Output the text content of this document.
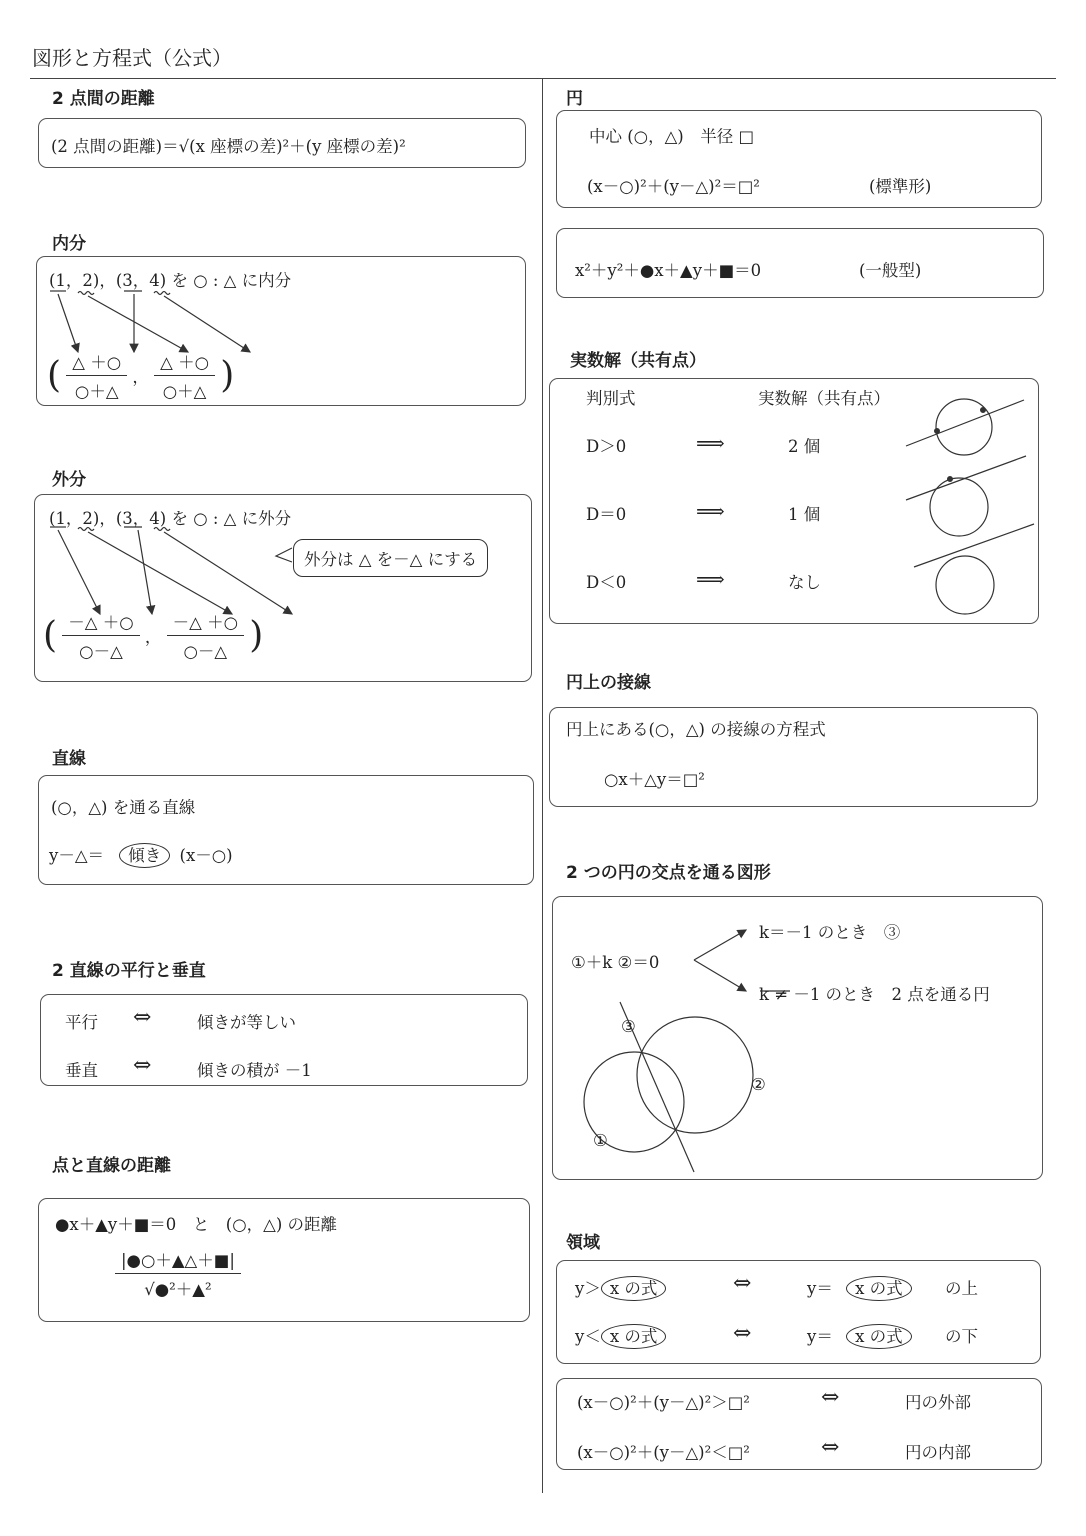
図形と方程式（公式）
2 点間の距離
(2 点間の距離)＝√(x 座標の差)²＋(y 座標の差)²
内分
(1，2)，(3，4) を ○ : △ に内分
( $\frac{\triangle +○}{○+\triangle}$ ， $\frac{\triangle +○}{○+\triangle}$ )
外分
(1，2)，(3，4) を ○ : △ に外分
外分は △ を－△ にする
( $\frac{-\triangle +○}{○-\triangle}$ ， $\frac{-\triangle +○}{○-\triangle}$ )
直線
(○，△) を通る直線
y－△＝ 傾き (x－○)
2 直線の平行と垂直
平行 ⇔	傾きが等しい
垂直 ⇔	傾きの積が －1
点と直線の距離
●x＋▲y＋■＝0　と　(○，△) の距離
$\frac{|●○+▲\triangle+■|}{\text{√●²＋▲²}}$
円
中心 (○，△)　半径 □
(x－○)²＋(y－△)²＝□²	(標準形)
x²＋y²＋●x＋▲y＋■＝0	(一般型)
実数解（共有点）
判別式	実数解（共有点）
D＞0	⟹	2 個
D＝0	⟹	1 個
D＜0	⟹	なし
円上の接線
円上にある(○，△) の接線の方程式
○x＋△y＝□²
2 つの円の交点を通る図形
①＋k ②＝0
k＝－1 のとき　③
k ≠ －1 のとき　2 点を通る円
③
②
①
領域
y＞ x の式	⇔	y＝ x の式	の上
y＜ x の式	⇔	y＝ x の式	の下
(x－○)²＋(y－△)²＞□²	⇔	円の外部
(x－○)²＋(y－△)²＜□²	⇔	円の内部
